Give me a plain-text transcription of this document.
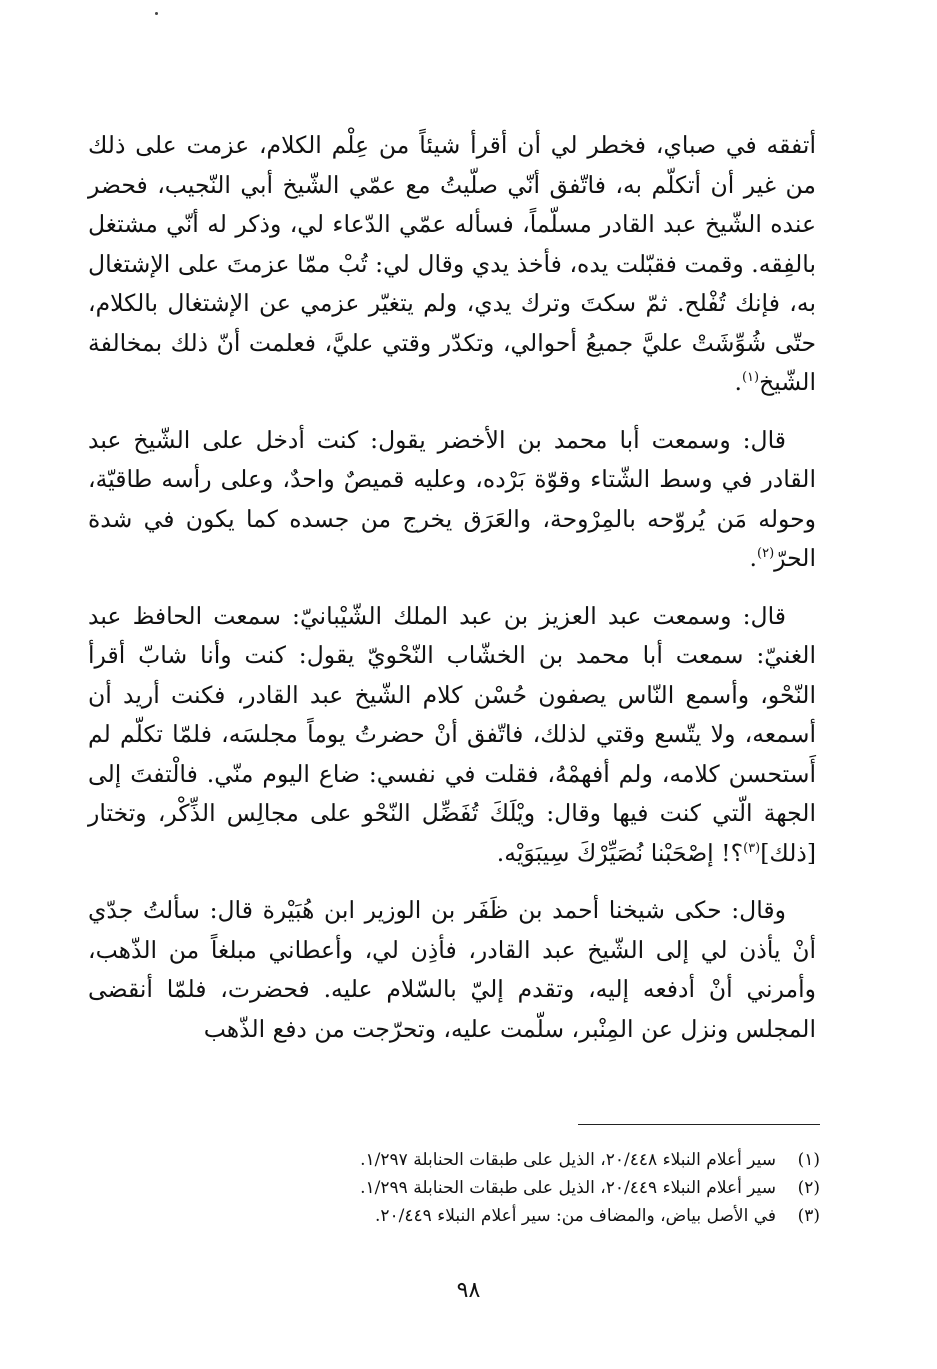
أتفقه في صباي، فخطر لي أن أقرأ شيئاً من عِلْم الكلام، عزمت على ذلك من غير أن أتكلّم به، فاتّفق أنّي صلّيتُ مع عمّي الشّيخ أبي النّجيب، فحضر عنده الشّيخ عبد القادر مسلّماً، فسأله عمّي الدّعاء لي، وذكر له أنّي مشتغل بالفِقه. وقمت فقبّلت يده، فأخذ يدي وقال لي: تُبْ ممّا عزمتَ على الإشتغال به، فإنك تُفْلح. ثمّ سكتَ وترك يدي، ولم يتغيّر عزمي عن الإشتغال بالكلام، حتّى شُوِّشَتْ عليَّ جميعُ أحوالي، وتكدّر وقتي عليَّ، فعلمت أنّ ذلك بمخالفة الشّيخ$^{(١)}$.

قال: وسمعت أبا محمد بن الأخضر يقول: كنت أدخل على الشّيخ عبد القادر في وسط الشّتاء وقوّة بَرْده، وعليه قميصٌ واحدٌ، وعلى رأسه طاقيّة، وحوله مَن يُروّحه بالمِرْوحة، والعَرَق يخرج من جسده كما يكون في شدة الحرّ$^{(٢)}$.

قال: وسمعت عبد العزيز بن عبد الملك الشّيْبانيّ: سمعت الحافظ عبد الغنيّ: سمعت أبا محمد بن الخشّاب النّحْويّ يقول: كنت وأنا شابّ أقرأ النّحْو، وأسمع النّاس يصفون حُسْن كلام الشّيخ عبد القادر، فكنت أريد أن أسمعه، ولا يتّسع وقتي لذلك، فاتّفق أنْ حضرتُ يوماً مجلسَه، فلمّا تكلّم لم أَستحسن كلامه، ولم أفهمْهُ، فقلت في نفسي: ضاع اليوم منّي. فالْتفتَ إلى الجهة الّتي كنت فيها وقال: ويْلَكَ تُفَضِّل النّحْو على مجالِس الذِّكْر، وتختار [ذلك]$^{(٣)}$؟! إصْحَبْنا نُصَيِّرْكَ سِيبَوَيْه.

وقال: حكى شيخنا أحمد بن ظَفَر بن الوزير ابن هُبَيْرة قال: سألتُ جدّي أنْ يأذن لي إلى الشّيخ عبد القادر، فأذِن لي، وأعطاني مبلغاً من الذّهب، وأمرني أنْ أدفعه إليه، وتقدم إليّ بالسّلام عليه. فحضرت، فلمّا أنقضى المجلس ونزل عن المِنْبر، سلّمت عليه، وتحرّجت من دفع الذّهب

(١)
سير أعلام النبلاء ٢٠/٤٤٨، الذيل على طبقات الحنابلة ١/٢٩٧.
(٢)
سير أعلام النبلاء ٢٠/٤٤٩، الذيل على طبقات الحنابلة ١/٢٩٩.
(٣)
في الأصل بياض، والمضاف من: سير أعلام النبلاء ٢٠/٤٤٩.
٩٨
